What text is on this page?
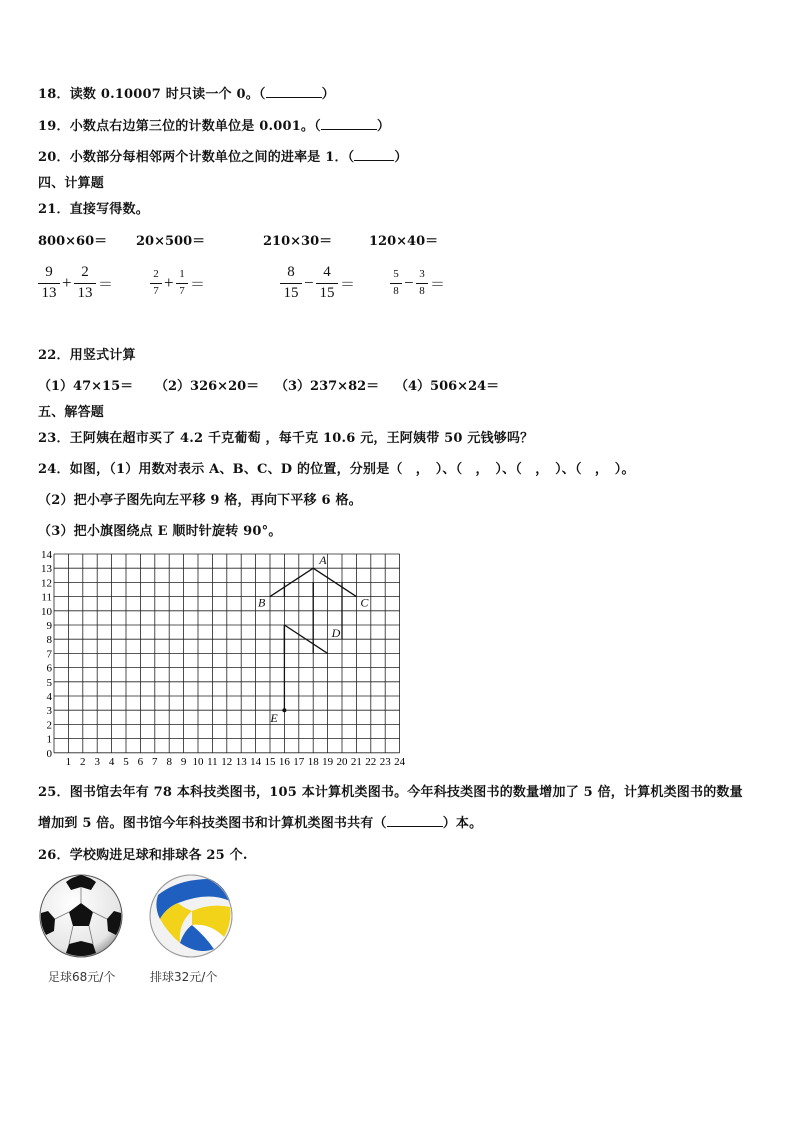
18．读数 0.10007 时只读一个 0。（	）
19．小数点右边第三位的计数单位是 0.001。（	）
20．小数部分每相邻两个计数单位之间的进率是 1．（	）
四、计算题
21．直接写得数。
800×60＝ 20×500＝	210×30＝	120×40＝
9
13
+
2
13 ＝
2
7 + 1
7 ＝
8
15
−
4
15 ＝
5
8 − 3
8 ＝
22．用竖式计算
（1）47×15＝ （2）326×20＝ （3）237×82＝ （4）506×24＝
五、解答题
23．王阿姨在超市买了 4.2 千克葡萄 ，每千克 10.6 元，王阿姨带 50 元钱够吗？
24．如图，（1）用数对表示 A、B、C、D 的位置，分别是（　，　）、（　，　）、（　，　）、（　，　）。
（2）把小亭子图先向左平移 9 格，再向下平移 6 格。
（3）把小旗图绕点 E 顺时针旋转 90°。
0
1
2
3
4
5
6
7
8
9
10
11
12
13
14
1 2 3 4 5 6 7 8 9 10 11 12 13 14 15 16 17 18 19 20 21 22 23 24
A
B	C
D
E
25．图书馆去年有 78 本科技类图书，105 本计算机类图书。今年科技类图书的数量增加了 5 倍，计算机类图书的数量
增加到 5 倍。图书馆今年科技类图书和计算机类图书共有（	）本。
26．学校购进足球和排球各 25 个.
足球68元/个	排球32元/个
